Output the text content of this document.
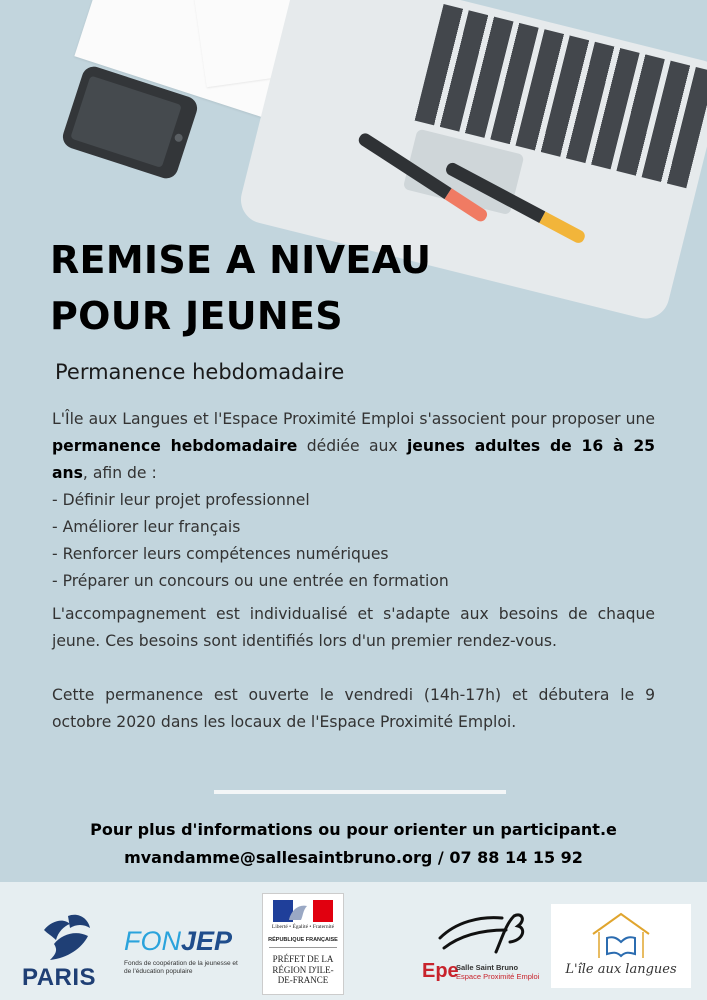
REMISE A NIVEAU
POUR JEUNES

Permanence hebdomadaire

L'Île aux Langues et l'Espace Proximité Emploi s'associent pour proposer une permanence hebdomadaire dédiée aux jeunes adultes de 16 à 25 ans, afin de :

- Définir leur projet professionnel
- Améliorer leur français
- Renforcer leurs compétences numériques
- Préparer un concours ou une entrée en formation

L'accompagnement est individualisé et s'adapte aux besoins de chaque jeune. Ces besoins sont identifiés lors d'un premier rendez-vous.

Cette permanence est ouverte le vendredi (14h-17h) et débutera le 9 octobre 2020 dans les locaux de l'Espace Proximité Emploi.

Pour plus d'informations ou pour orienter un participant.e
mvandamme@sallesaintbruno.org / 07 88 14 15 92
PARIS
FONJEP
Fonds de coopération de la jeunesse et de l'éducation populaire
Liberté • Égalité • Fraternité
RÉPUBLIQUE FRANÇAISE
PRÉFET DE LA RÉGION D'ILE-DE-FRANCE	Epe
Salle Saint Bruno
Espace Proximité Emploi	L'île aux langues
